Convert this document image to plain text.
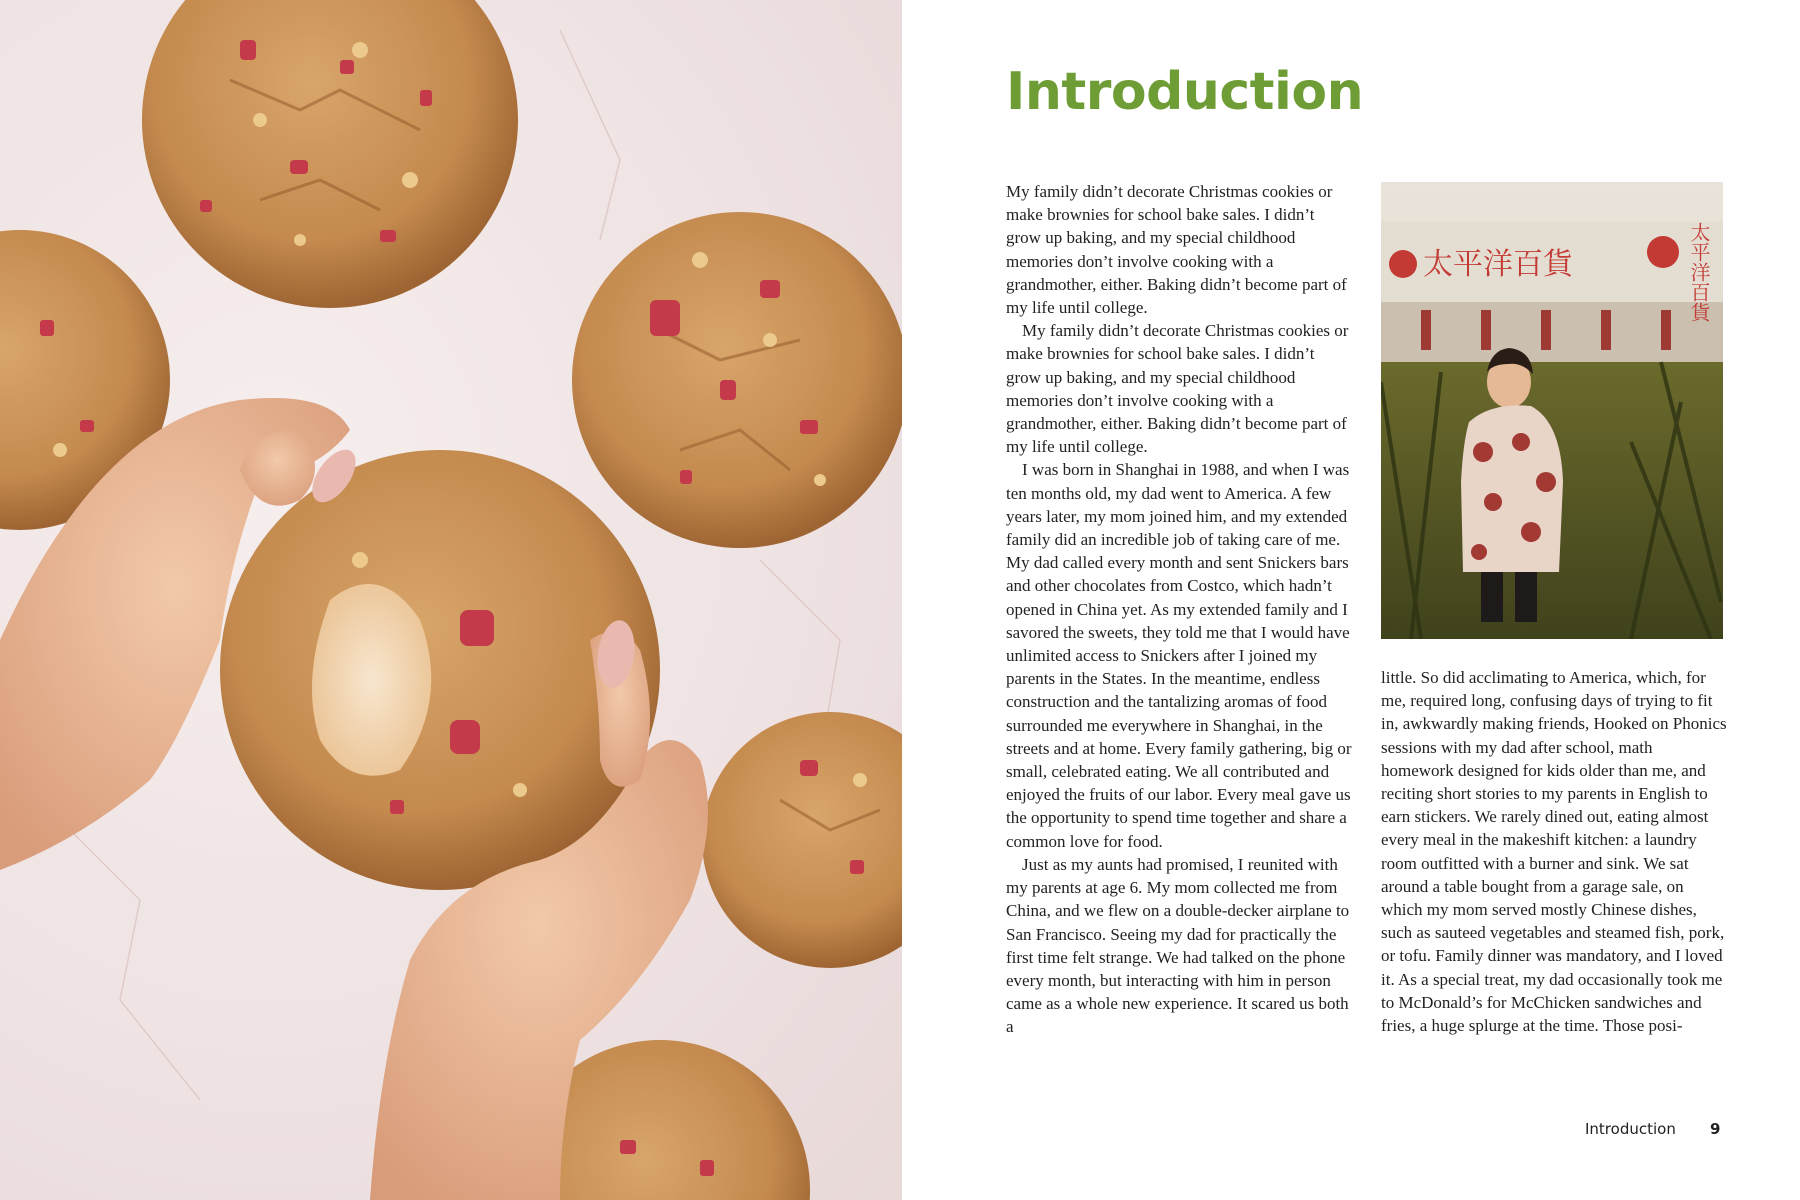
Introduction

My family didn’t decorate Christmas cookies or make brownies for school bake sales. I didn’t grow up baking, and my special childhood memories don’t involve cooking with a grandmother, either. Baking didn’t become part of my life until college.

My family didn’t decorate Christmas cookies or make brownies for school bake sales. I didn’t grow up baking, and my special childhood memories don’t involve cooking with a grandmother, either. Baking didn’t become part of my life until college.

I was born in Shanghai in 1988, and when I was ten months old, my dad went to America. A few years later, my mom joined him, and my extended family did an incredible job of taking care of me. My dad called every month and sent Snickers bars and other chocolates from Costco, which hadn’t opened in China yet. As my extended family and I savored the sweets, they told me that I would have unlimited access to Snickers after I joined my parents in the States. In the meantime, endless construction and the tantalizing aromas of food surrounded me everywhere in Shanghai, in the streets and at home. Every family gathering, big or small, celebrated eating. We all contributed and enjoyed the fruits of our labor. Every meal gave us the opportunity to spend time together and share a common love for food.

Just as my aunts had promised, I reunited with my parents at age 6. My mom collected me from China, and we flew on a double-decker airplane to San Francisco. Seeing my dad for practically the first time felt strange. We had talked on the phone every month, but interacting with him in person came as a whole new experience. It scared us both a

太平洋百貨	太平洋百貨

little. So did acclimating to America, which, for me, required long, confusing days of trying to fit in, awkwardly making friends, Hooked on Phonics sessions with my dad after school, math homework designed for kids older than me, and reciting short stories to my parents in English to earn stickers. We rarely dined out, eating almost every meal in the makeshift kitchen: a laundry room outfitted with a burner and sink. We sat around a table bought from a garage sale, on which my mom served mostly Chinese dishes, such as sauteed vegetables and steamed fish, pork, or tofu. Family dinner was mandatory, and I loved it. As a special treat, my dad occasionally took me to McDonald’s for McChicken sandwiches and fries, a huge splurge at the time. Those posi-

Introduction 9
